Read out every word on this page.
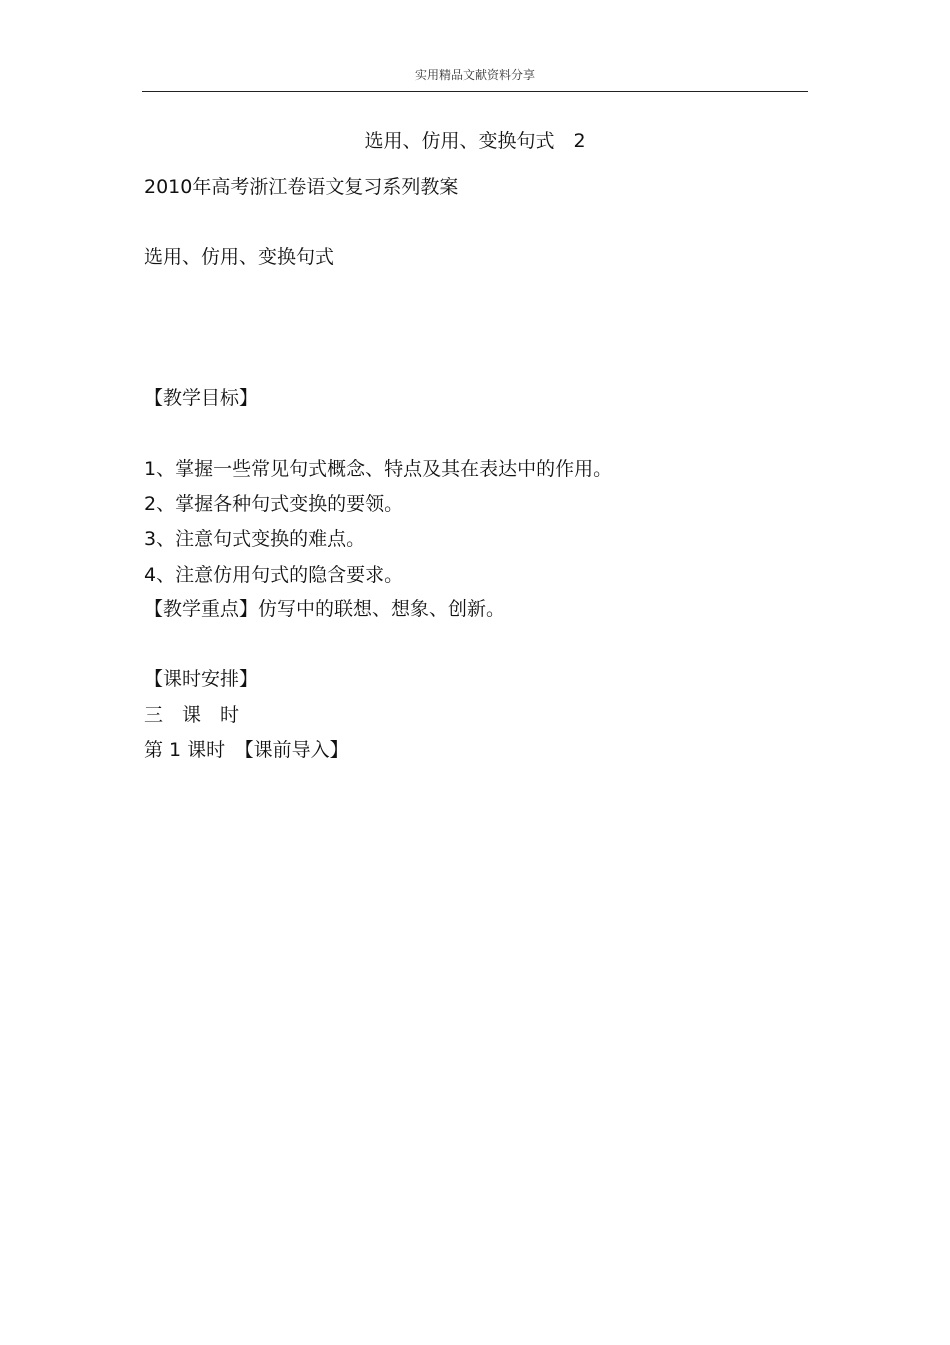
实用精品文献资料分享
选用、仿用、变换句式　2
2010年高考浙江卷语文复习系列教案
选用、仿用、变换句式
【教学目标】
1、掌握一些常见句式概念、特点及其在表达中的作用。
2、掌握各种句式变换的要领。
3、注意句式变换的难点。
4、注意仿用句式的隐含要求。
【教学重点】仿写中的联想、想象、创新。
【课时安排】
三　课　时
第 1 课时　【课前导入】
